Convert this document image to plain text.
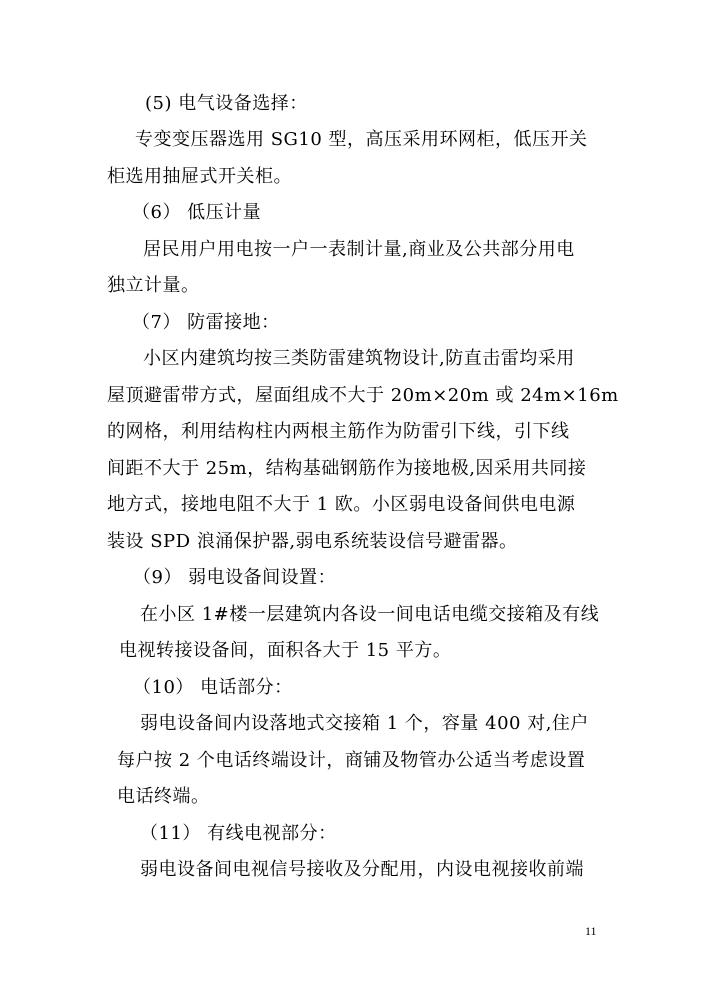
(5) 电气设备选择：
专变变压器选用 SG10 型，高压采用环网柜，低压开关
柜选用抽屉式开关柜。
（6） 低压计量
居民用户用电按一户一表制计量,商业及公共部分用电
独立计量。
（7） 防雷接地：
小区内建筑均按三类防雷建筑物设计,防直击雷均采用
屋顶避雷带方式，屋面组成不大于 20m×20m 或 24m×16m
的网格，利用结构柱内两根主筋作为防雷引下线，引下线
间距不大于 25m，结构基础钢筋作为接地极,因采用共同接
地方式，接地电阻不大于 1 欧。小区弱电设备间供电电源
装设 SPD 浪涌保护器,弱电系统装设信号避雷器。
（9） 弱电设备间设置：
在小区 1#楼一层建筑内各设一间电话电缆交接箱及有线
电视转接设备间，面积各大于 15 平方。
（10） 电话部分：
弱电设备间内设落地式交接箱 1 个，容量 400 对,住户
每户按 2 个电话终端设计，商铺及物管办公适当考虑设置
电话终端。
（11） 有线电视部分：
弱电设备间电视信号接收及分配用，内设电视接收前端
11
